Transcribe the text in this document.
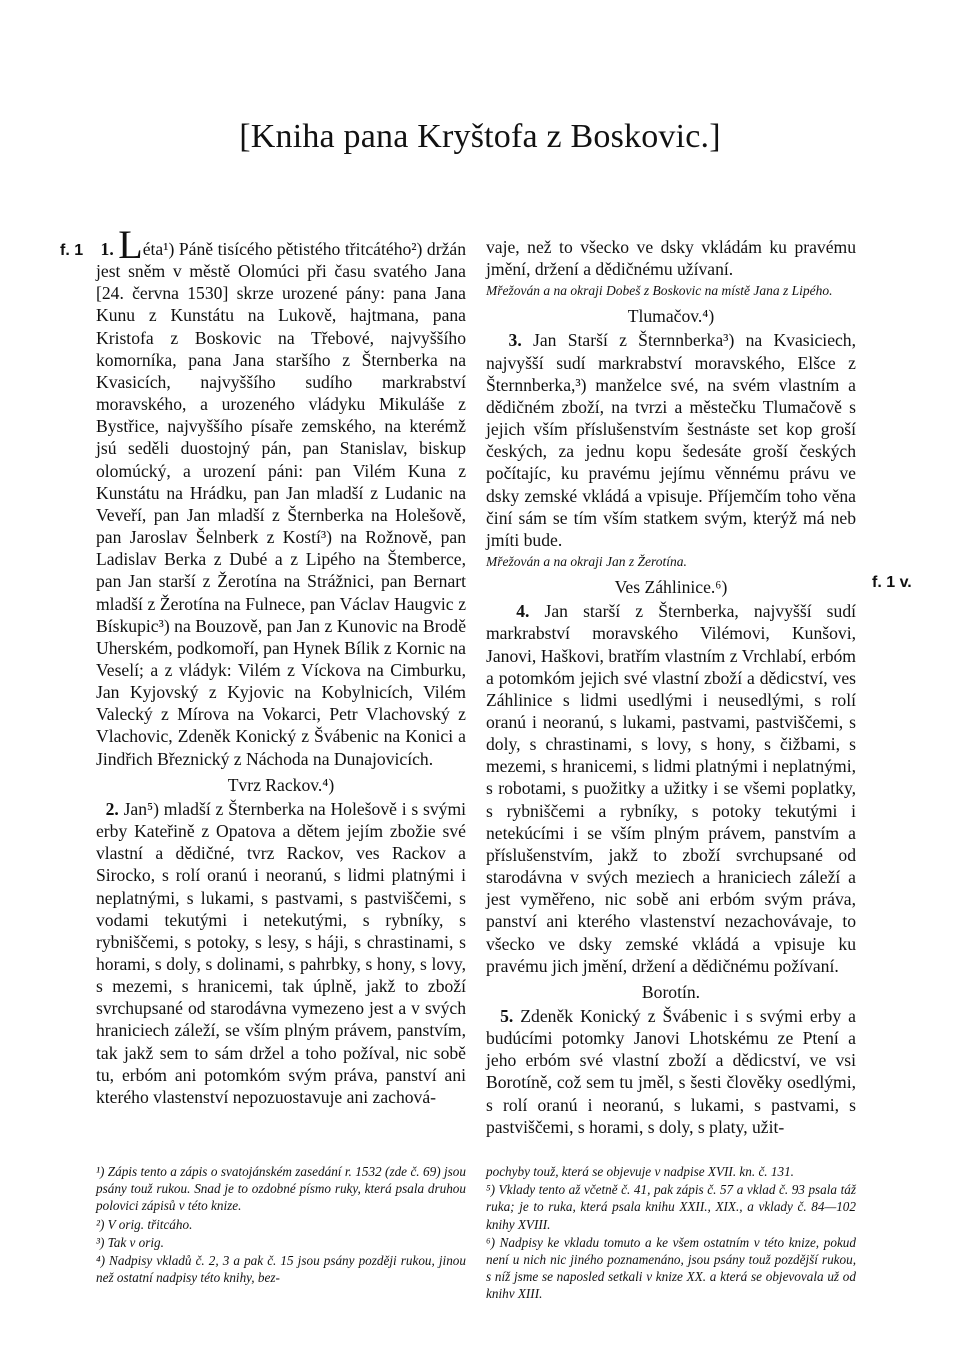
[Kniha pana Kryštofa z Boskovic.]
f. 1
f. 1 v.

1. Léta¹) Páně tisícého pětistého třitcátého²) držán jest sněm v městě Olomúci při času svatého Jana [24. června 1530] skrze urozené pány: pana Jana Kunu z Kunstátu na Lukově, hajtmana, pana Kristofa z Boskovic na Třebové, najvyššího komorníka, pana Jana staršího z Šternberka na Kvasicích, najvyššího sudího markrabství moravského, a urozeného vládyku Mikuláše z Bystřice, najvyššího písaře zemského, na kterémž jsú seděli duostojný pán, pan Stanislav, biskup olomúcký, a urození páni: pan Vilém Kuna z Kunstátu na Hrádku, pan Jan mladší z Ludanic na Veveří, pan Jan mladší z Šternberka na Holešově, pan Jaroslav Šelnberk z Kostí³) na Rožnově, pan Ladislav Berka z Dubé a z Lipého na Štemberce, pan Jan starší z Žerotína na Strážnici, pan Bernart mladší z Žerotína na Fulnece, pan Václav Haugvic z Bískupic³) na Bouzově, pan Jan z Kunovic na Brodě Uherském, podkomoří, pan Hynek Bílik z Kornic na Veselí; a z vládyk: Vilém z Víckova na Cimburku, Jan Kyjovský z Kyjovic na Kobylnicích, Vilém Valecký z Mírova na Vokarci, Petr Vlachovský z Vlachovic, Zdeněk Konický z Švábenic na Konici a Jindřich Březnický z Náchoda na Dunajovicích.

Tvrz Rackov.⁴)

2. Jan⁵) mladší z Šternberka na Holešově i s svými erby Kateřině z Opatova a dětem jejím zbožie své vlastní a dědičné, tvrz Rackov, ves Rackov a Sirocko, s rolí oranú i neoranú, s lidmi platnými i neplatnými, s lukami, s pastvami, s pastviščemi, s vodami tekutými i netekutými, s rybníky, s rybniščemi, s potoky, s lesy, s háji, s chrastinami, s horami, s doly, s dolinami, s pahrbky, s hony, s lovy, s mezemi, s hranicemi, tak úplně, jakž to zboží svrchupsané od starodávna vymezeno jest a v svých hraniciech záleží, se vším plným právem, panstvím, tak jakž sem to sám držel a toho požíval, nic sobě tu, erbóm ani potomkóm svým práva, panství ani kterého vlastenství nepozuostavuje ani zachová-

vaje, než to všecko ve dsky vkládám ku pravému jmění, držení a dědičnému užívaní.

Mřežován a na okraji Dobeš z Boskovic na místě Jana z Lipého.

Tlumačov.⁴)

3. Jan Starší z Šternnberka³) na Kvasiciech, najvyšší sudí markrabství moravského, Elšce z Šternnberka,³) manželce své, na svém vlastním a dědičném zboží, na tvrzi a městečku Tlumačově s jejich vším příslušenstvím šestnáste set kop groší českých, za jednu kopu šedesáte groší českých počítajíc, ku pravému jejímu věnnému právu ve dsky zemské vkládá a vpisuje. Příjemčím toho věna činí sám se tím vším statkem svým, kterýž má neb jmíti bude.

Mřežován a na okraji Jan z Žerotína.

Ves Záhlinice.⁶)

4. Jan starší z Šternberka, najvyšší sudí markrabství moravského Vilémovi, Kunšovi, Janovi, Haškovi, bratřím vlastním z Vrchlabí, erbóm a potomkóm jejich své vlastní zboží a dědicství, ves Záhlinice s lidmi usedlými i neusedlými, s rolí oranú i neoranú, s lukami, pastvami, pastviščemi, s doly, s chrastinami, s lovy, s hony, s čižbami, s mezemi, s hranicemi, s lidmi platnými i neplatnými, s robotami, s puožitky a užitky i se všemi poplatky, s rybniščemi a rybníky, s potoky tekutými i netekúcími i se vším plným právem, panstvím a příslušenstvím, jakž to zboží svrchupsané od starodávna v svých meziech a hraniciech záleží a jest vyměřeno, nic sobě ani erbóm svým práva, panství ani kterého vlastenství nezachovávaje, to všecko ve dsky zemské vkládá a vpisuje ku pravému jich jmění, držení a dědičnému požívaní.

Borotín.

5. Zdeněk Konický z Švábenic i s svými erby a budúcími potomky Janovi Lhotskému ze Ptení a jeho erbóm své vlastní zboží a dědicství, ve vsi Borotíně, což sem tu jměl, s šesti člověky osedlými, s rolí oranú i neoranú, s lukami, s pastvami, s pastviščemi, s horami, s doly, s platy, užit-

¹) Zápis tento a zápis o svatojánském zasedání r. 1532 (zde č. 69) jsou psány touž rukou. Snad je to ozdobné písmo ruky, která psala druhou polovici zápisů v této knize.

²) V orig. třitcáho.

³) Tak v orig.

⁴) Nadpisy vkladů č. 2, 3 a pak č. 15 jsou psány později rukou, jinou než ostatní nadpisy této knihy, bez-

pochyby touž, která se objevuje v nadpise XVII. kn. č. 131.

⁵) Vklady tento až včetně č. 41, pak zápis č. 57 a vklad č. 93 psala táž ruka; je to ruka, která psala knihu XXII., XIX., a vklady č. 84—102 knihy XVIII.

⁶) Nadpisy ke vkladu tomuto a ke všem ostatním v této knize, pokud není u nich nic jiného poznamenáno, jsou psány touž pozdější rukou, s níž jsme se naposled setkali v knize XX. a která se objevovala už od knihv XIII.
